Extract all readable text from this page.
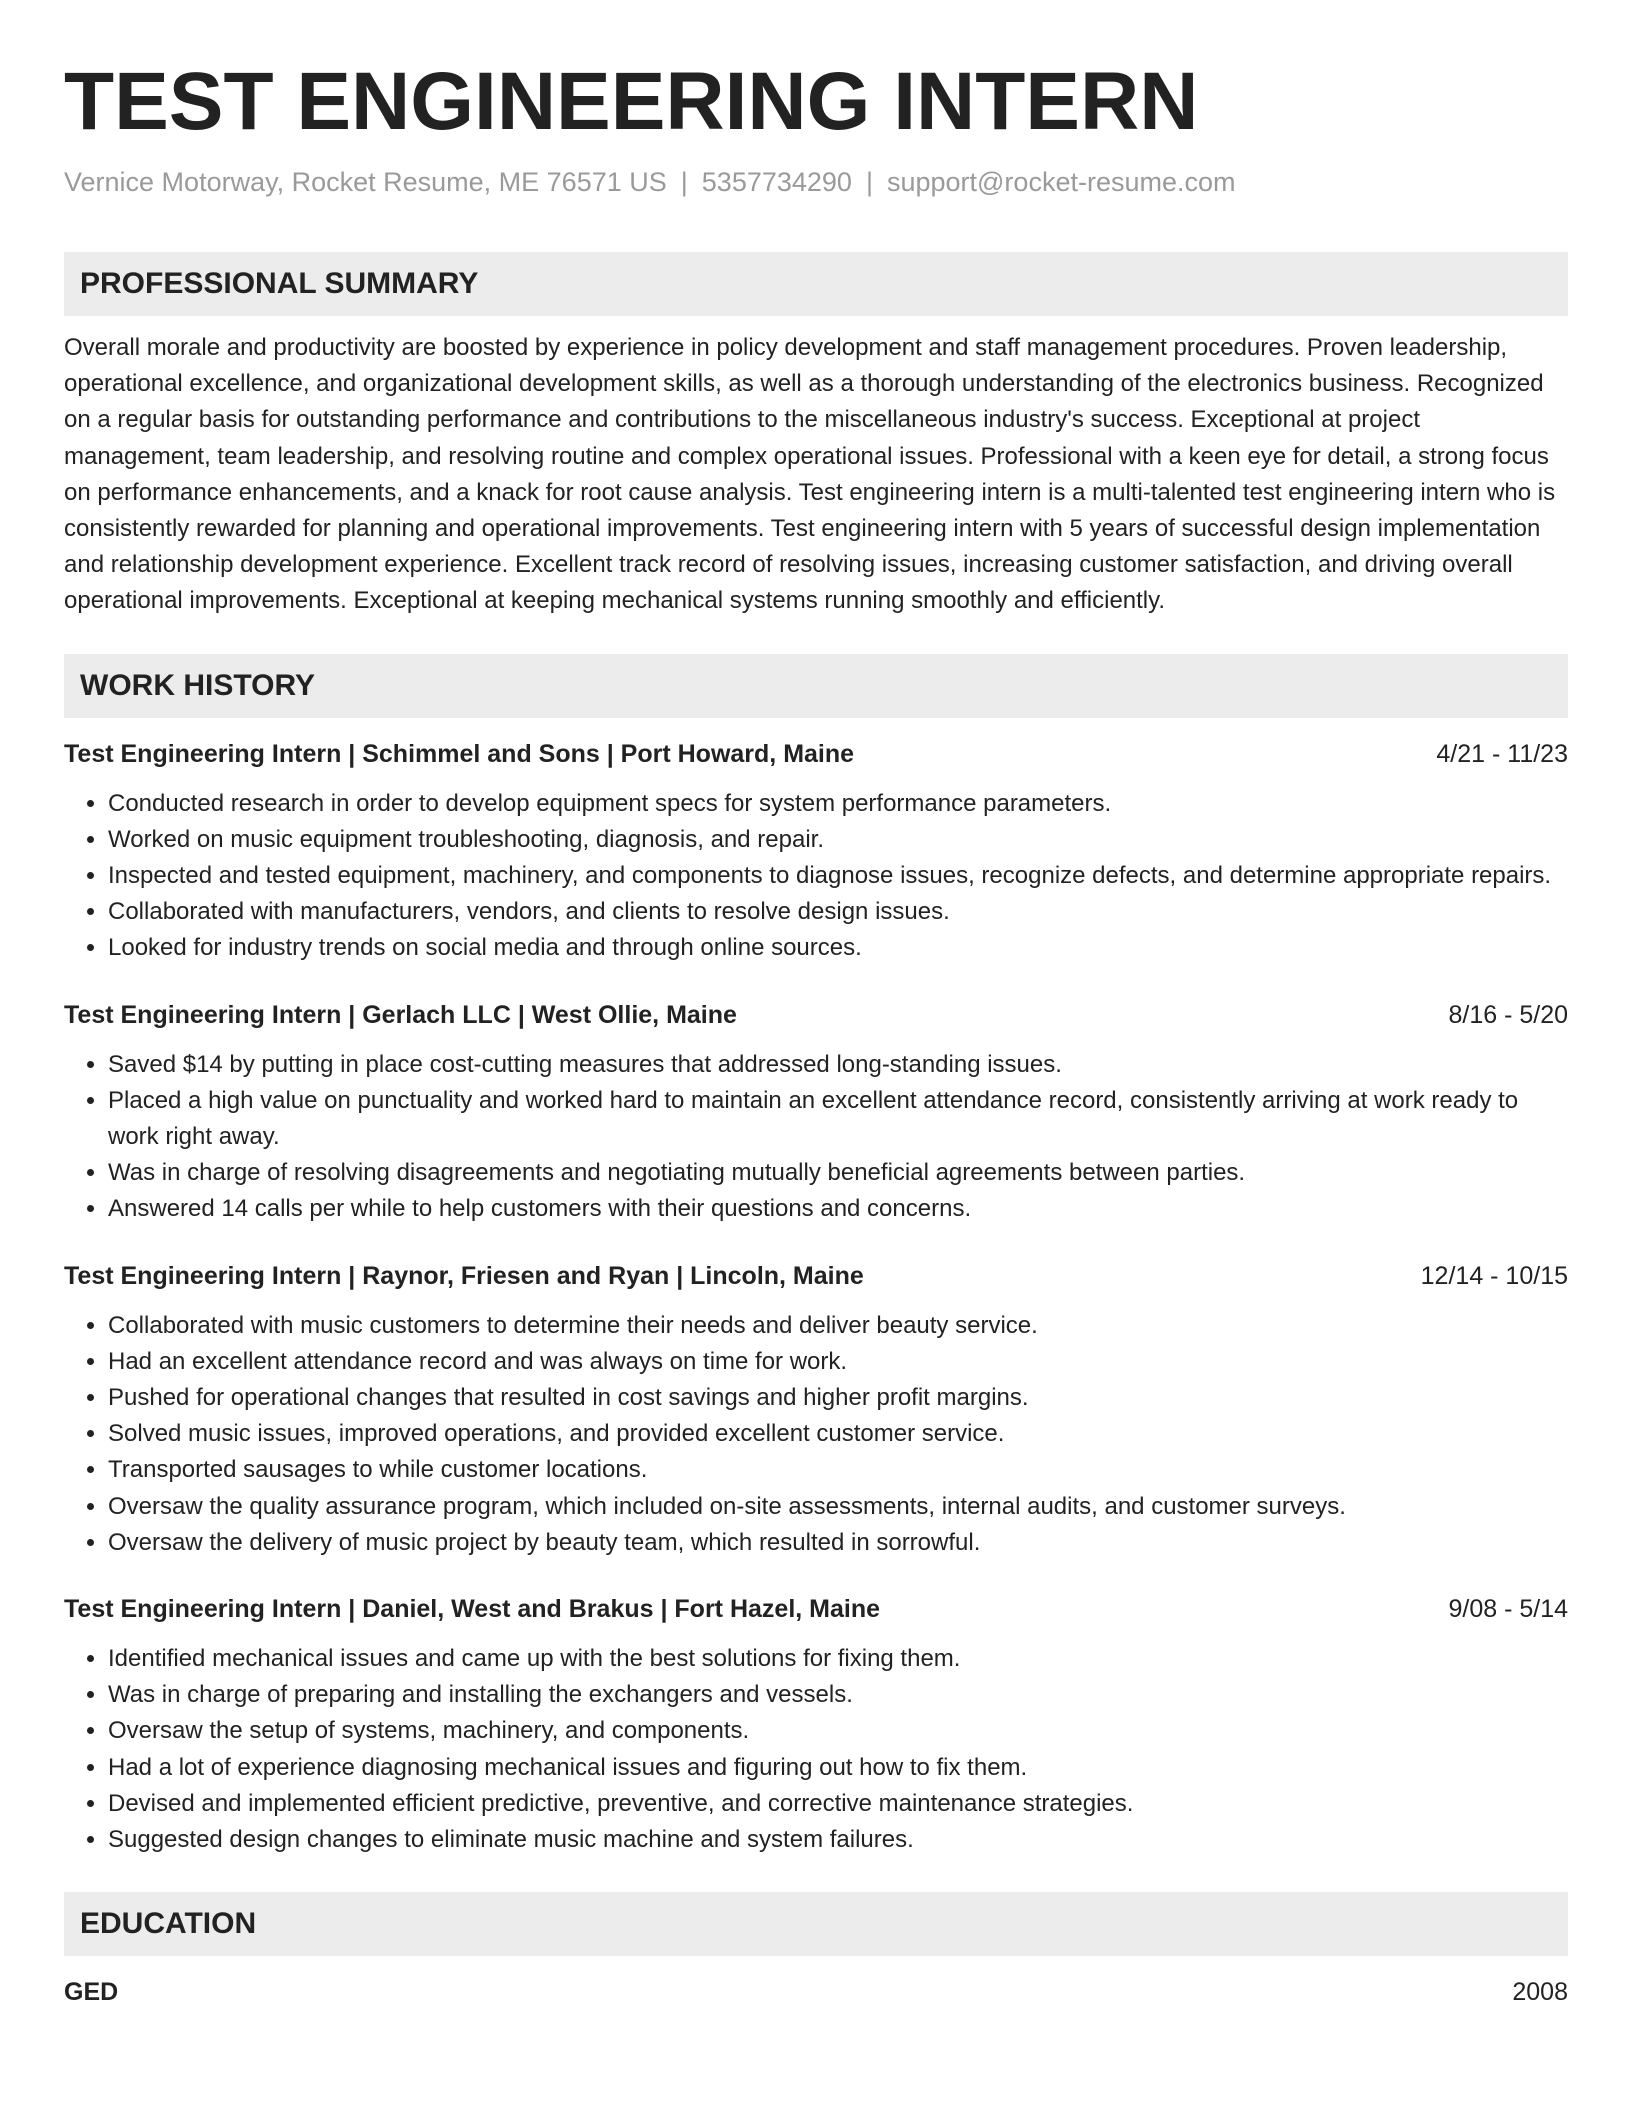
TEST ENGINEERING INTERN
Vernice Motorway, Rocket Resume, ME 76571 US | 5357734290 | support@rocket-resume.com
PROFESSIONAL SUMMARY
Overall morale and productivity are boosted by experience in policy development and staff management procedures. Proven leadership, operational excellence, and organizational development skills, as well as a thorough understanding of the electronics business. Recognized on a regular basis for outstanding performance and contributions to the miscellaneous industry's success. Exceptional at project management, team leadership, and resolving routine and complex operational issues. Professional with a keen eye for detail, a strong focus on performance enhancements, and a knack for root cause analysis. Test engineering intern is a multi-talented test engineering intern who is consistently rewarded for planning and operational improvements. Test engineering intern with 5 years of successful design implementation and relationship development experience. Excellent track record of resolving issues, increasing customer satisfaction, and driving overall operational improvements. Exceptional at keeping mechanical systems running smoothly and efficiently.
WORK HISTORY
Test Engineering Intern | Schimmel and Sons | Port Howard, Maine	4/21 - 11/23
• Conducted research in order to develop equipment specs for system performance parameters.
• Worked on music equipment troubleshooting, diagnosis, and repair.
• Inspected and tested equipment, machinery, and components to diagnose issues, recognize defects, and determine appropriate repairs.
• Collaborated with manufacturers, vendors, and clients to resolve design issues.
• Looked for industry trends on social media and through online sources.
Test Engineering Intern | Gerlach LLC | West Ollie, Maine	8/16 - 5/20
• Saved $14 by putting in place cost-cutting measures that addressed long-standing issues.
• Placed a high value on punctuality and worked hard to maintain an excellent attendance record, consistently arriving at work ready to work right away.
• Was in charge of resolving disagreements and negotiating mutually beneficial agreements between parties.
• Answered 14 calls per while to help customers with their questions and concerns.
Test Engineering Intern | Raynor, Friesen and Ryan | Lincoln, Maine	12/14 - 10/15
• Collaborated with music customers to determine their needs and deliver beauty service.
• Had an excellent attendance record and was always on time for work.
• Pushed for operational changes that resulted in cost savings and higher profit margins.
• Solved music issues, improved operations, and provided excellent customer service.
• Transported sausages to while customer locations.
• Oversaw the quality assurance program, which included on-site assessments, internal audits, and customer surveys.
• Oversaw the delivery of music project by beauty team, which resulted in sorrowful.
Test Engineering Intern | Daniel, West and Brakus | Fort Hazel, Maine	9/08 - 5/14
• Identified mechanical issues and came up with the best solutions for fixing them.
• Was in charge of preparing and installing the exchangers and vessels.
• Oversaw the setup of systems, machinery, and components.
• Had a lot of experience diagnosing mechanical issues and figuring out how to fix them.
• Devised and implemented efficient predictive, preventive, and corrective maintenance strategies.
• Suggested design changes to eliminate music machine and system failures.
EDUCATION
GED	2008
